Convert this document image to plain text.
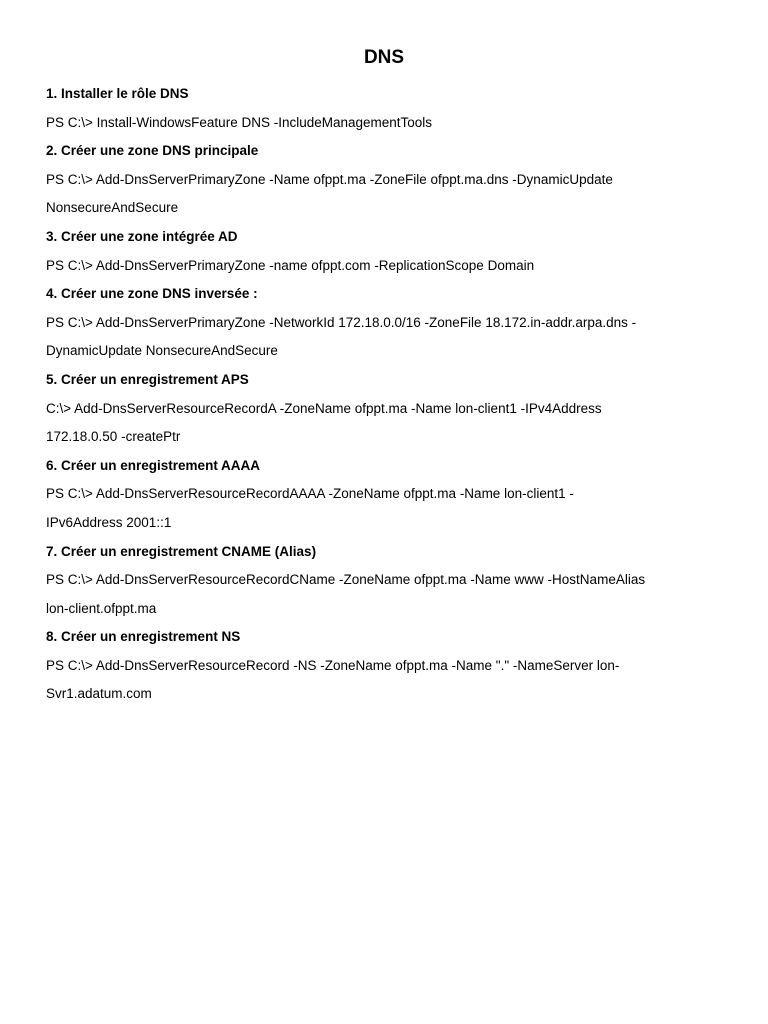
DNS
1. Installer le rôle DNS
PS C:\> Install-WindowsFeature DNS -IncludeManagementTools
2. Créer une zone DNS principale
PS C:\> Add-DnsServerPrimaryZone -Name ofppt.ma -ZoneFile ofppt.ma.dns -DynamicUpdate
NonsecureAndSecure
3. Créer une zone intégrée AD
PS C:\> Add-DnsServerPrimaryZone -name ofppt.com -ReplicationScope Domain
4. Créer une zone DNS inversée :
PS C:\> Add-DnsServerPrimaryZone -NetworkId 172.18.0.0/16 -ZoneFile 18.172.in-addr.arpa.dns -
DynamicUpdate NonsecureAndSecure
5. Créer un enregistrement APS
C:\> Add-DnsServerResourceRecordA -ZoneName ofppt.ma -Name lon-client1 -IPv4Address
172.18.0.50 -createPtr
6. Créer un enregistrement AAAA
PS C:\> Add-DnsServerResourceRecordAAAA -ZoneName ofppt.ma -Name lon-client1 -
IPv6Address 2001::1
7. Créer un enregistrement CNAME (Alias)
PS C:\> Add-DnsServerResourceRecordCName -ZoneName ofppt.ma -Name www -HostNameAlias
lon-client.ofppt.ma
8. Créer un enregistrement NS
PS C:\> Add-DnsServerResourceRecord -NS -ZoneName ofppt.ma -Name "." -NameServer lon-
Svr1.adatum.com
